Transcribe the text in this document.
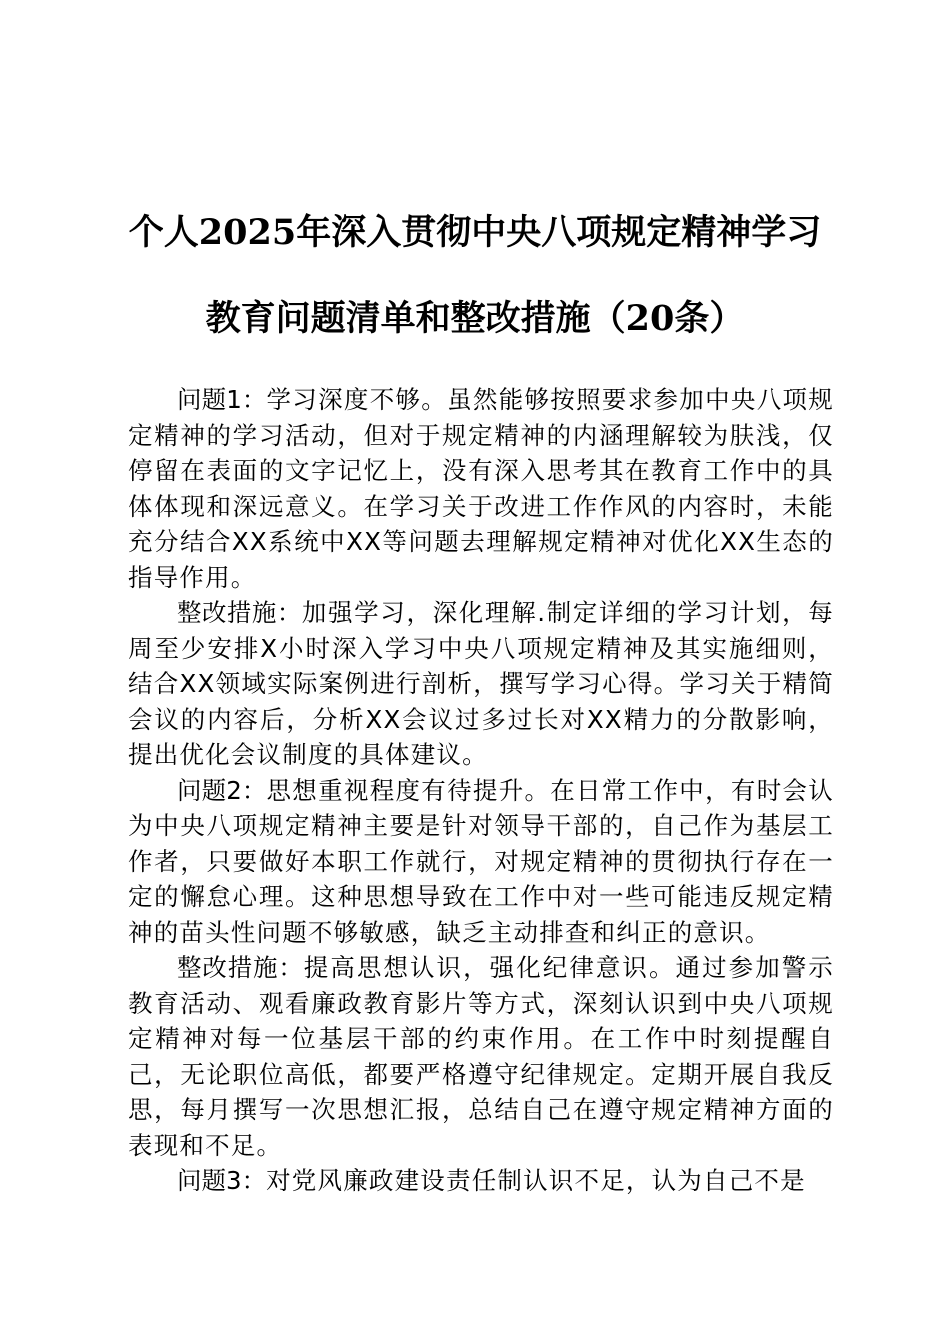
个人2025年深入贯彻中央八项规定精神学习
教育问题清单和整改措施（20条）

问题1：学习深度不够。虽然能够按照要求参加中央八项规定精神的学习活动，但对于规定精神的内涵理解较为肤浅，仅停留在表面的文字记忆上，没有深入思考其在教育工作中的具体体现和深远意义。在学习关于改进工作作风的内容时，未能充分结合XX系统中XX等问题去理解规定精神对优化XX生态的指导作用。

整改措施：加强学习，深化理解.制定详细的学习计划，每周至少安排X小时深入学习中央八项规定精神及其实施细则，结合XX领域实际案例进行剖析，撰写学习心得。学习关于精简会议的内容后，分析XX会议过多过长对XX精力的分散影响，提出优化会议制度的具体建议。

问题2：思想重视程度有待提升。在日常工作中，有时会认为中央八项规定精神主要是针对领导干部的，自己作为基层工作者，只要做好本职工作就行，对规定精神的贯彻执行存在一定的懈怠心理。这种思想导致在工作中对一些可能违反规定精神的苗头性问题不够敏感，缺乏主动排查和纠正的意识。

整改措施：提高思想认识，强化纪律意识。通过参加警示教育活动、观看廉政教育影片等方式，深刻认识到中央八项规定精神对每一位基层干部的约束作用。在工作中时刻提醒自己，无论职位高低，都要严格遵守纪律规定。定期开展自我反思，每月撰写一次思想汇报，总结自己在遵守规定精神方面的表现和不足。

问题3：对党风廉政建设责任制认识不足，认为自己不是
